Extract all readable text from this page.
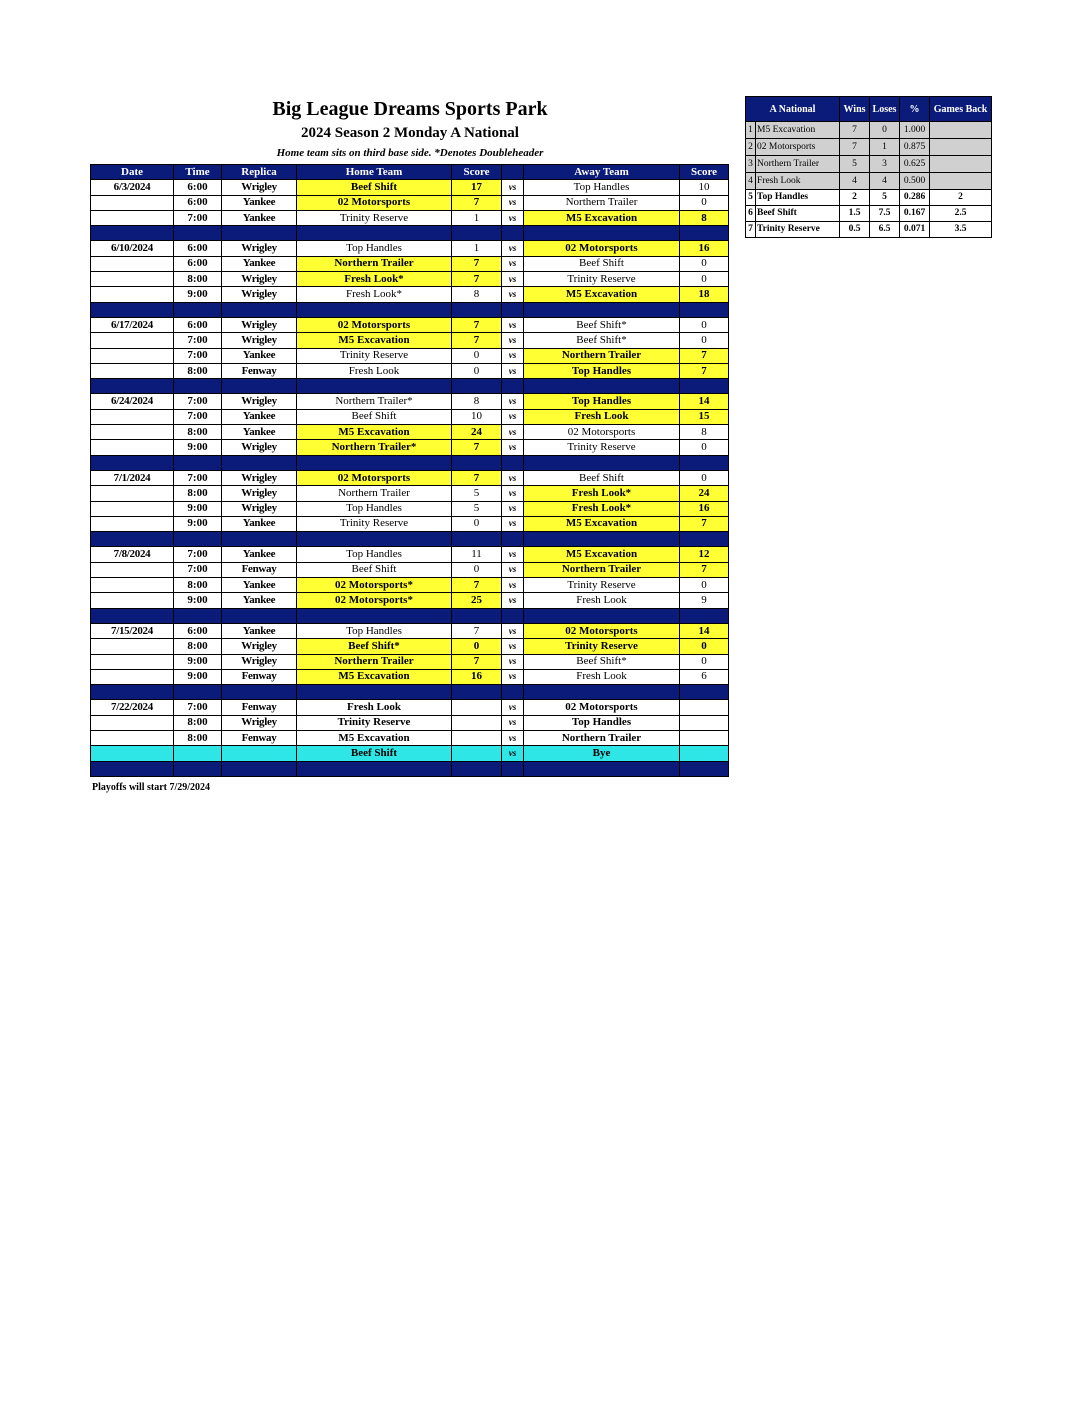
Big League Dreams Sports Park
2024 Season 2 Monday A National
Home team sits on third base side. *Denotes Doubleheader
Date	Time	Replica	Home Team	Score		Away Team	Score
6/3/2024	6:00	Wrigley	Beef Shift	17	vs	Top Handles	10
	6:00	Yankee	02 Motorsports	7	vs	Northern Trailer	0
	7:00	Yankee	Trinity Reserve	1	vs	M5 Excavation	8

6/10/2024	6:00	Wrigley	Top Handles	1	vs	02 Motorsports	16
	6:00	Yankee	Northern Trailer	7	vs	Beef Shift	0
	8:00	Wrigley	Fresh Look*	7	vs	Trinity Reserve	0
	9:00	Wrigley	Fresh Look*	8	vs	M5 Excavation	18

6/17/2024	6:00	Wrigley	02 Motorsports	7	vs	Beef Shift*	0
	7:00	Wrigley	M5 Excavation	7	vs	Beef Shift*	0
	7:00	Yankee	Trinity Reserve	0	vs	Northern Trailer	7
	8:00	Fenway	Fresh Look	0	vs	Top Handles	7

6/24/2024	7:00	Wrigley	Northern Trailer*	8	vs	Top Handles	14
	7:00	Yankee	Beef Shift	10	vs	Fresh Look	15
	8:00	Yankee	M5 Excavation	24	vs	02 Motorsports	8
	9:00	Wrigley	Northern Trailer*	7	vs	Trinity Reserve	0

7/1/2024	7:00	Wrigley	02 Motorsports	7	vs	Beef Shift	0
	8:00	Wrigley	Northern Trailer	5	vs	Fresh Look*	24
	9:00	Wrigley	Top Handles	5	vs	Fresh Look*	16
	9:00	Yankee	Trinity Reserve	0	vs	M5 Excavation	7

7/8/2024	7:00	Yankee	Top Handles	11	vs	M5 Excavation	12
	7:00	Fenway	Beef Shift	0	vs	Northern Trailer	7
	8:00	Yankee	02 Motorsports*	7	vs	Trinity Reserve	0
	9:00	Yankee	02 Motorsports*	25	vs	Fresh Look	9

7/15/2024	6:00	Yankee	Top Handles	7	vs	02 Motorsports	14
	8:00	Wrigley	Beef Shift*	0	vs	Trinity Reserve	0
	9:00	Wrigley	Northern Trailer	7	vs	Beef Shift*	0
	9:00	Fenway	M5 Excavation	16	vs	Fresh Look	6

7/22/2024	7:00	Fenway	Fresh Look		vs	02 Motorsports	
	8:00	Wrigley	Trinity Reserve		vs	Top Handles	
	8:00	Fenway	M5 Excavation		vs	Northern Trailer	
			Beef Shift		vs	Bye	

Playoffs will start 7/29/2024
A National		Wins	Loses	%	Games Back
1	M5 Excavation	7	0	1.000	
2	02 Motorsports	7	1	0.875	
3	Northern Trailer	5	3	0.625	
4	Fresh Look	4	4	0.500	
5	Top Handles	2	5	0.286	2
6	Beef Shift	1.5	7.5	0.167	2.5
7	Trinity Reserve	0.5	6.5	0.071	3.5
